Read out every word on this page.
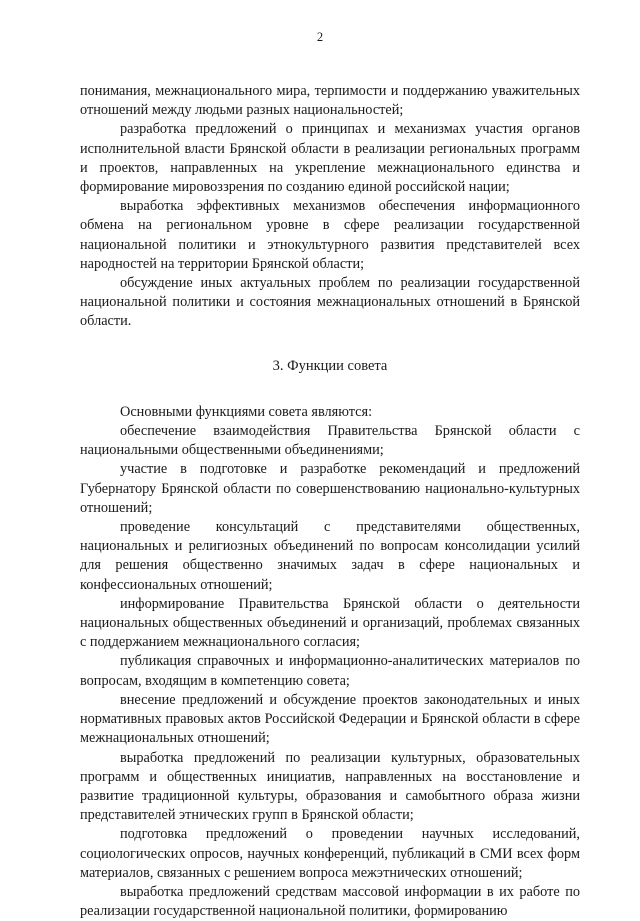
2

понимания, межнационального мира, терпимости и поддержанию уважительных отношений между людьми разных национальностей;

разработка предложений о принципах и механизмах участия органов исполнительной власти Брянской области в реализации региональных программ и проектов, направленных на укрепление межнационального единства и формирование мировоззрения по созданию единой российской нации;

выработка эффективных механизмов обеспечения информационного обмена на региональном уровне в сфере реализации государственной национальной политики и этнокультурного развития представителей всех народностей на территории Брянской области;

обсуждение иных актуальных проблем по реализации государственной национальной политики и состояния межнациональных отношений в Брянской области.

3. Функции совета

Основными функциями совета являются:

обеспечение взаимодействия Правительства Брянской области с национальными общественными объединениями;

участие в подготовке и разработке рекомендаций и предложений Губернатору Брянской области по совершенствованию национально-культурных отношений;

проведение консультаций с представителями общественных, национальных и религиозных объединений по вопросам консолидации усилий для решения общественно значимых задач в сфере национальных и конфессиональных отношений;

информирование Правительства Брянской области о деятельности национальных общественных объединений и организаций, проблемах связанных с поддержанием межнационального согласия;

публикация справочных и информационно-аналитических материалов по вопросам, входящим в компетенцию совета;

внесение предложений и обсуждение проектов законодательных и иных нормативных правовых актов Российской Федерации и Брянской области в сфере межнациональных отношений;

выработка предложений по реализации культурных, образовательных программ и общественных инициатив, направленных на восстановление и развитие традиционной культуры, образования и самобытного образа жизни представителей этнических групп в Брянской области;

подготовка предложений о проведении научных исследований, социологических опросов, научных конференций, публикаций в СМИ всех форм материалов, связанных с решением вопроса межэтнических отношений;

выработка предложений средствам массовой информации в их работе по реализации государственной национальной политики, формированию
